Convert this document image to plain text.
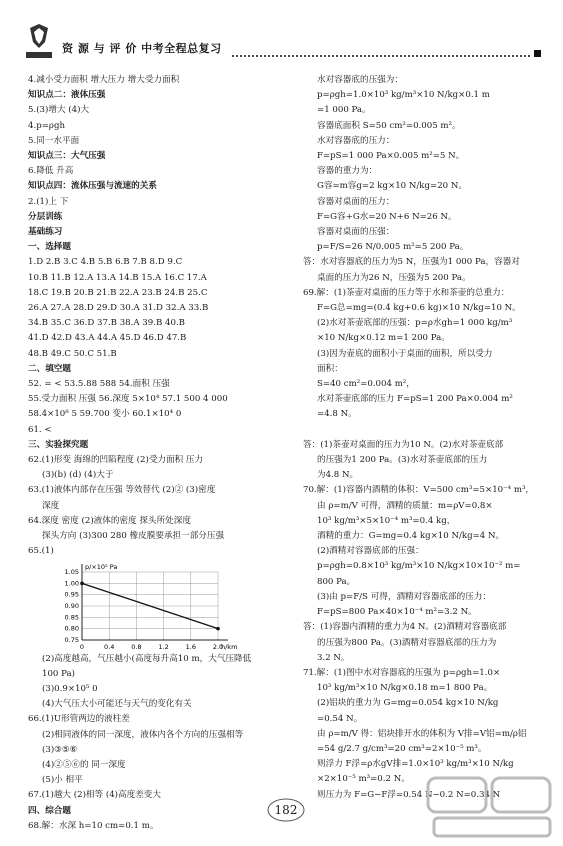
资 源 与 评 价 中考全程总复习
4.减小受力面积 增大压力 增大受力面积
知识点二：液体压强
5.(3)增大 (4)大
4.p=ρgh
5.同一水平面
知识点三：大气压强
6.降低 升高
知识点四：流体压强与流速的关系
2.(1)上 下
分层训练
基础练习
一、选择题
1.D 2.B 3.C 4.B 5.B 6.B 7.B 8.D 9.C
10.B 11.B 12.A 13.A 14.B 15.A 16.C 17.A
18.C 19.B 20.B 21.B 22.A 23.B 24.B 25.C
26.A 27.A 28.D 29.D 30.A 31.D 32.A 33.B
34.B 35.C 36.D 37.B 38.A 39.B 40.B
41.D 42.D 43.A 44.A 45.D 46.D 47.B
48.B 49.C 50.C 51.B
二、填空题
52. = < 53.5.88 588 54.面积 压强
55.受力面积 压强 56.深度 5×10⁴ 57.1 500 4 000
58.4×10⁸ 5 59.700 变小 60.1×10⁴ 0
61. <
三、实验探究题
62.(1)形变 海绵的凹陷程度 (2)受力面积 压力
(3)(b) (d) (4)大于
63.(1)液体内部存在压强 等效替代 (2)② (3)密度
深度
64.深度 密度 (2)液体的密度 探头所处深度
探头方向 (3)300 280 橡皮膜要承担一部分压强
65.(1)
0	0.4	0.8	1.2	1.6	2.0
0.75
0.80
0.85
0.90
0.95
1.00
1.05
p/×10⁵ Pa
h/km
(2)高度越高，气压越小(高度每升高10 m，大气压降低
100 Pa)
(3)0.9×10⁵ 0
(4)大气压大小可能还与天气的变化有关
66.(1)U形管两边的液柱差
(2)相同液体的同一深度，液体内各个方向的压强相等
(3)③⑤⑥
(4)②⑤⑥的 同一深度
(5)小 相平
67.(1)越大 (2)相等 (4)高度差变大
四、综合题
68.解：水深 h=10 cm=0.1 m。
水对容器底的压强为：
p=ρgh=1.0×10³ kg/m³×10 N/kg×0.1 m
=1 000 Pa。
容器底面积 S=50 cm²=0.005 m²。
水对容器底的压力：
F=pS=1 000 Pa×0.005 m²=5 N。
容器的重力为：
G容=m容g=2 kg×10 N/kg=20 N。
容器对桌面的压力：
F=G容+G水=20 N+6 N=26 N。
容器对桌面的压强：
p=F/S=26 N/0.005 m²=5 200 Pa。
答：水对容器底的压力为5 N，压强为1 000 Pa，容器对
桌面的压力为26 N，压强为5 200 Pa。
69.解：(1)茶壶对桌面的压力等于水和茶壶的总重力：
F=G总=mg=(0.4 kg+0.6 kg)×10 N/kg=10 N。
(2)水对茶壶底部的压强：p=ρ水gh=1 000 kg/m³
×10 N/kg×0.12 m=1 200 Pa。
(3)因为壶底的面积小于桌面的面积，所以受力
面积：
S=40 cm²=0.004 m²，
水对茶壶底部的压力 F=pS=1 200 Pa×0.004 m²
=4.8 N。
答：(1)茶壶对桌面的压力为10 N。(2)水对茶壶底部
的压强为1 200 Pa。(3)水对茶壶底部的压力
为4.8 N。
70.解：(1)容器内酒精的体积：V=500 cm³=5×10⁻⁴ m³，
由 ρ=m/V 可得，酒精的质量：m=ρV=0.8×
10³ kg/m³×5×10⁻⁴ m³=0.4 kg，
酒精的重力：G=mg=0.4 kg×10 N/kg=4 N。
(2)酒精对容器底部的压强：
p=ρgh=0.8×10³ kg/m³×10 N/kg×10×10⁻² m=
800 Pa。
(3)由 p=F/S 可得，酒精对容器底部的压力：
F=pS=800 Pa×40×10⁻⁴ m²=3.2 N。
答：(1)容器内酒精的重力为4 N。(2)酒精对容器底部
的压强为800 Pa。(3)酒精对容器底部的压力为
3.2 N。
71.解：(1)图中水对容器底的压强为 p=ρgh=1.0×
10³ kg/m³×10 N/kg×0.18 m=1 800 Pa。
(2)铝块的重力为 G=mg=0.054 kg×10 N/kg
=0.54 N。
由 ρ=m/V 得：铝块排开水的体积为 V排=V铝=m/ρ铝
=54 g/2.7 g/cm³=20 cm³=2×10⁻⁵ m³。
则浮力 F浮=ρ水gV排=1.0×10³ kg/m³×10 N/kg
×2×10⁻⁵ m³=0.2 N。
则压力为 F=G−F浮=0.54 N−0.2 N=0.34 N
182
